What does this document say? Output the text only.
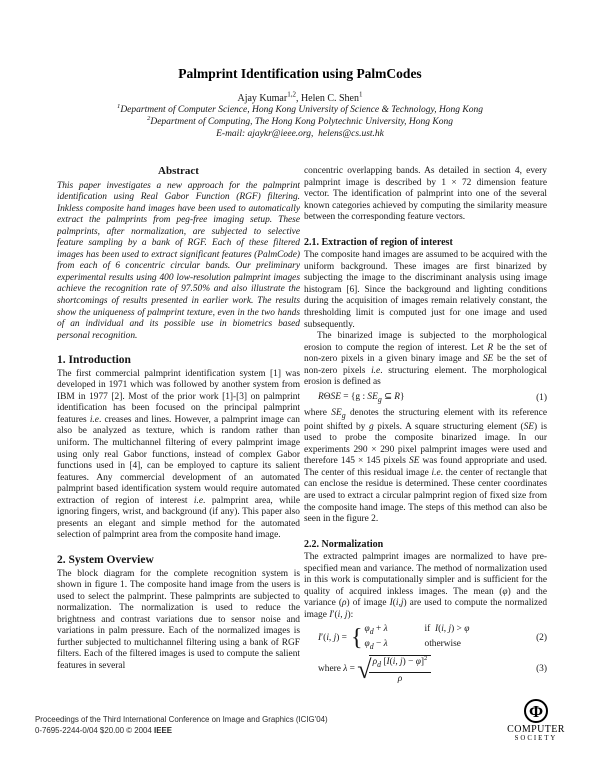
Palmprint Identification using PalmCodes
Ajay Kumar$^{1,2}$, Helen C. Shen$^1$
$^1$Department of Computer Science, Hong Kong University of Science & Technology, Hong Kong
$^2$Department of Computing, The Hong Kong Polytechnic University, Hong Kong
E-mail: ajaykr@ieee.org,  helens@cs.ust.hk
Abstract

This paper investigates a new approach for the palmprint identification using Real Gabor Function (RGF) filtering. Inkless composite hand images have been used to automatically extract the palmprints from peg-free imaging setup. These palmprints, after normalization, are subjected to selective feature sampling by a bank of RGF. Each of these filtered images has been used to extract significant features (PalmCode) from each of 6 concentric circular bands. Our preliminary experimental results using 400 low-resolution palmprint images achieve the recognition rate of 97.50% and also illustrate the shortcomings of results presented in earlier work. The results show the uniqueness of palmprint texture, even in the two hands of an individual and its possible use in biometrics based personal recognition.

1. Introduction

The first commercial palmprint identification system [1] was developed in 1971 which was followed by another system from IBM in 1977 [2]. Most of the prior work [1]-[3] on palmprint identification has been focused on the principal palmprint features i.e. creases and lines. However, a palmprint image can also be analyzed as texture, which is random rather than uniform. The multichannel filtering of every palmprint image using only real Gabor functions, instead of complex Gabor functions used in [4], can be employed to capture its salient features. Any commercial development of an automated palmprint based identification system would require automated extraction of region of interest i.e. palmprint area, while ignoring fingers, wrist, and background (if any). This paper also presents an elegant and simple method for the automated selection of palmprint area from the composite hand image.

2. System Overview

The block diagram for the complete recognition system is shown in figure 1. The composite hand image from the users is used to select the palmprint. These palmprints are subjected to normalization. The normalization is used to reduce the brightness and contrast variations due to sensor noise and variations in palm pressure. Each of the normalized images is further subjected to multichannel filtering using a bank of RGF filters. Each of the filtered images is used to compute the salient features in several

concentric overlapping bands. As detailed in section 4, every palmprint image is described by 1 × 72 dimension feature vector. The identification of palmprint into one of the several known categories achieved by computing the similarity measure between the corresponding feature vectors.

2.1. Extraction of region of interest

The composite hand images are assumed to be acquired with the uniform background. These images are first binarized by subjecting the image to the discriminant analysis using image histogram [6]. Since the background and lighting conditions during the acquisition of images remain relatively constant, the thresholding limit is computed just for one image and used subsequently.

The binarized image is subjected to the morphological erosion to compute the region of interest. Let R be the set of non-zero pixels in a given binary image and SE be the set of non-zero pixels i.e. structuring element. The morphological erosion is defined as

RΘSE = {g : $SE_g$ ⊆ R}	(1)

where $SE_g$ denotes the structuring element with its reference point shifted by g pixels. A square structuring element (SE) is used to probe the composite binarized image. In our experiments 290 × 290 pixel palmprint images were used and therefore 145 × 145 pixels SE was found appropriate and used. The center of this residual image i.e. the center of rectangle that can enclose the residue is determined. These center coordinates are used to extract a circular palmprint region of fixed size from the composite hand image. The steps of this method can also be seen in the figure 2.

2.2. Normalization

The extracted palmprint images are normalized to have pre-specified mean and variance. The method of normalization used in this work is computationally simpler and is sufficient for the quality of acquired inkless images. The mean (φ) and the variance (ρ) of image I(i,j) are used to compute the normalized image I′(i, j):

I′(i, j) = { $\varphi_d + \lambda$	if  I(i, j) > φ
$\varphi_d - \lambda$	otherwise
(2)
where
λ =
√
$\frac{\rho_d [I(i, j) - \varphi]^2}{\rho}$	(3)
Proceedings of the Third International Conference on Image and Graphics (ICIG'04)
0-7695-2244-0/04 $20.00 © 2004 IEEE
Φ
COMPUTER
SOCIETY
